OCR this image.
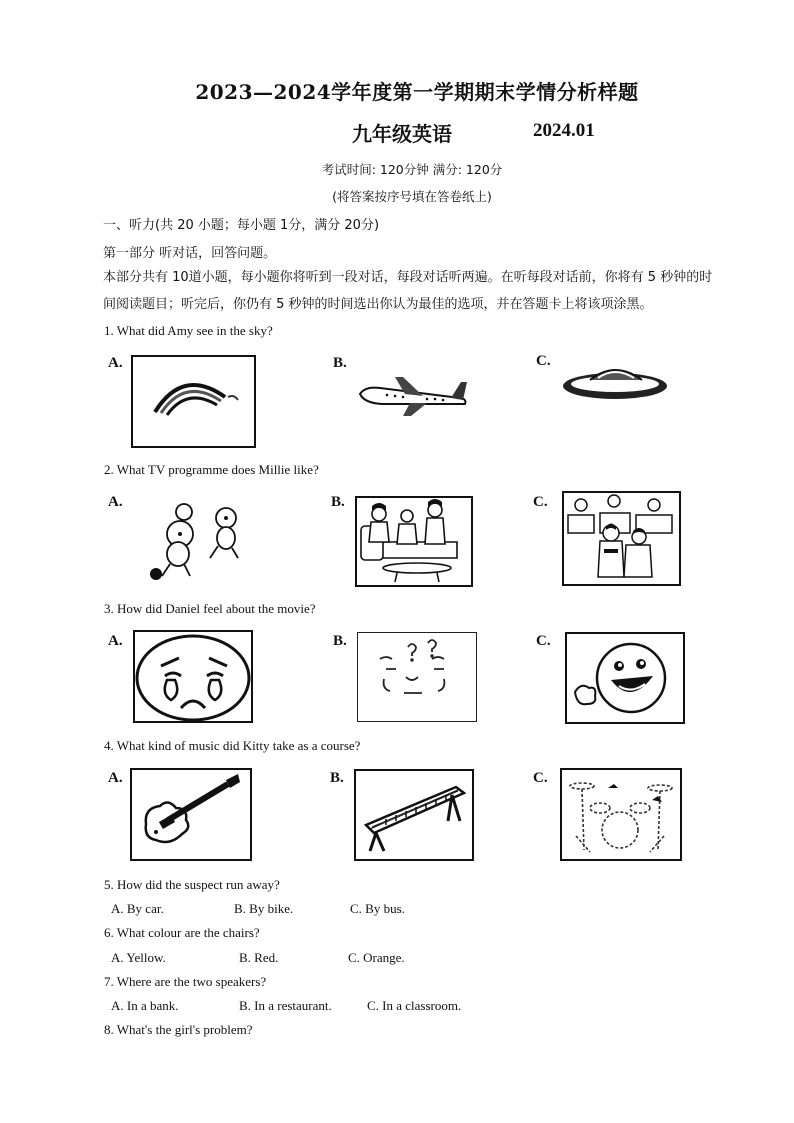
2023—2024学年度第一学期期末学情分析样题
九年级英语	2024.01
考试时间: 120分钟 满分: 120分
(将答案按序号填在答卷纸上)
一、听力(共 20 小题；每小题 1分，满分 20分)
第一部分 听对话，回答问题。
本部分共有 10道小题，每小题你将听到一段对话，每段对话听两遍。在听每段对话前，你将有 5 秒钟的时间阅读题目；听完后，你仍有 5 秒钟的时间选出你认为最佳的选项，并在答题卡上将该项涂黑。
1. What did Amy see in the sky?
A.	B.	C.
2. What TV programme does Millie like?
A.	B.	C.
3. How did Daniel feel about the movie?
A.	B.	C.
4. What kind of music did Kitty take as a course?
A.	B.	C.
5. How did the suspect run away?
A. By car.	B. By bike.	C. By bus.
6. What colour are the chairs?
A. Yellow.	B. Red.	C. Orange.
7. Where are the two speakers?
A. In a bank.	B. In a restaurant.	C. In a classroom.
8. What's the girl's problem?
